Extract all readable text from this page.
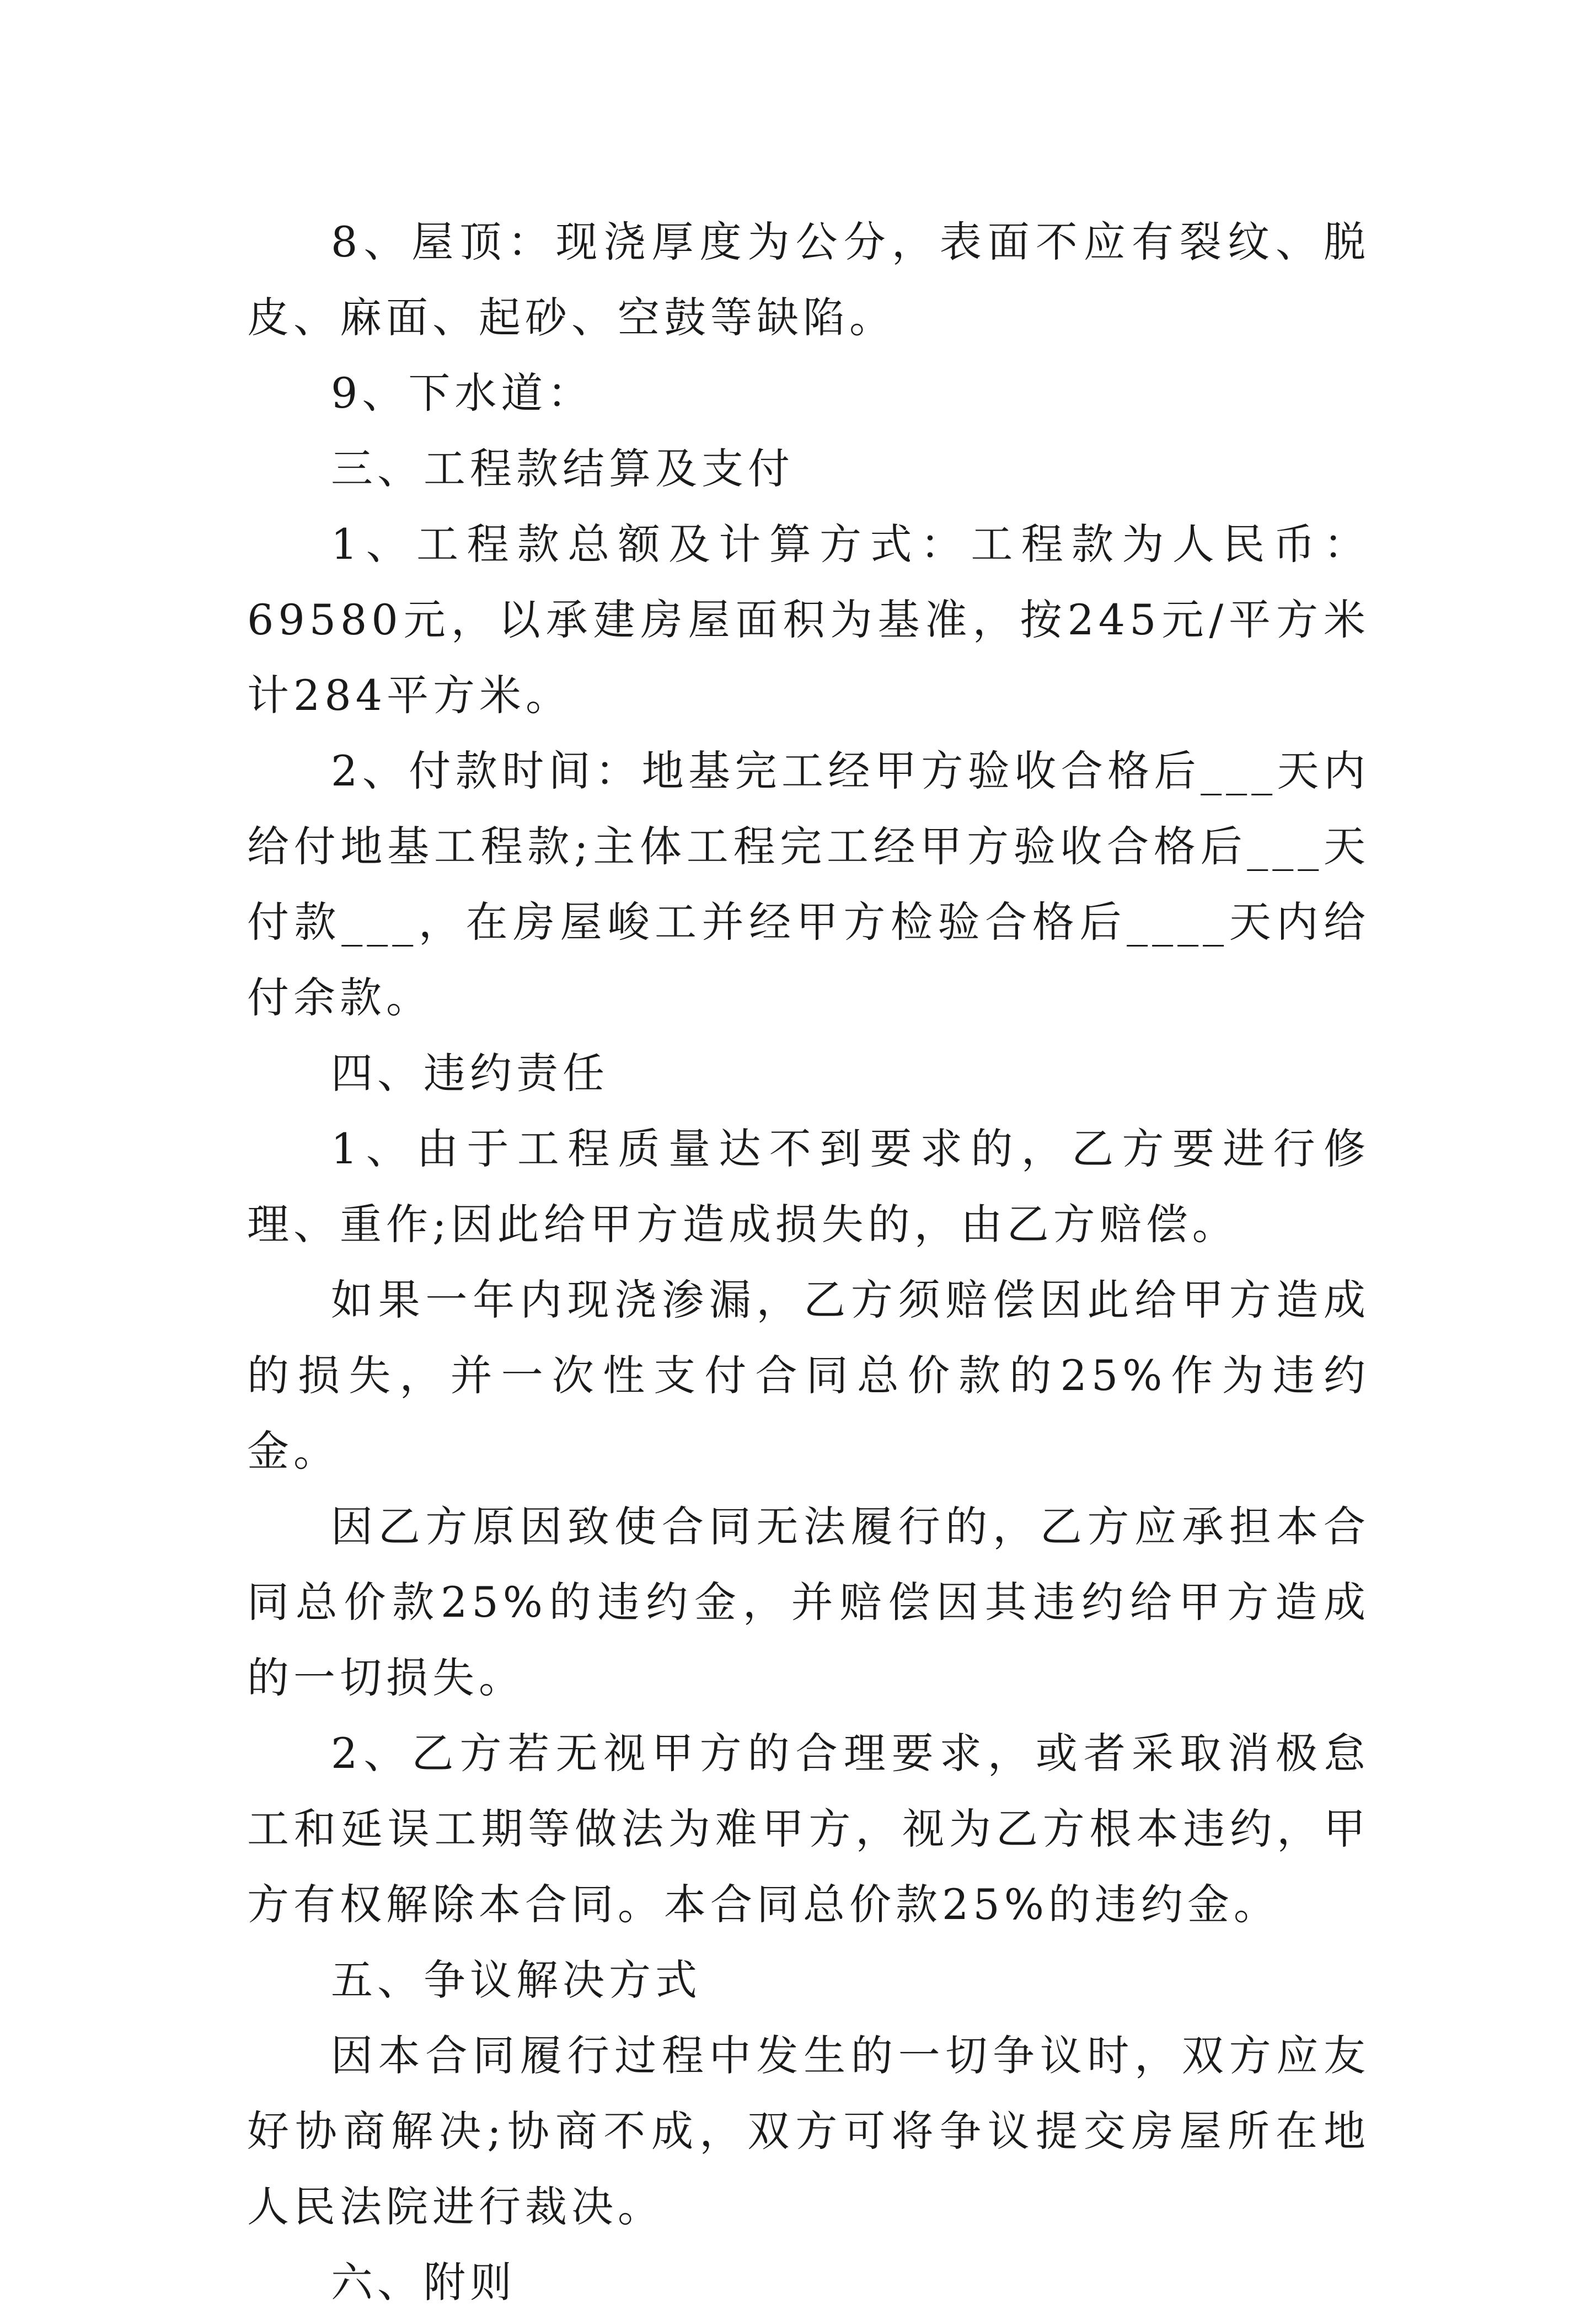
8、屋顶：现浇厚度为公分，表面不应有裂纹、脱皮、麻面、起砂、空鼓等缺陷。

9、下水道：

三、工程款结算及支付

1、工程款总额及计算方式：工程款为人民币：69580元，以承建房屋面积为基准，按245元/平方米计284平方米。

2、付款时间：地基完工经甲方验收合格后___天内给付地基工程款;主体工程完工经甲方验收合格后___天付款___，在房屋峻工并经甲方检验合格后____天内给付余款。

四、违约责任

1、由于工程质量达不到要求的，乙方要进行修理、重作;因此给甲方造成损失的，由乙方赔偿。

如果一年内现浇渗漏，乙方须赔偿因此给甲方造成的损失，并一次性支付合同总价款的25%作为违约金。

因乙方原因致使合同无法履行的，乙方应承担本合同总价款25%的违约金，并赔偿因其违约给甲方造成的一切损失。

2、乙方若无视甲方的合理要求，或者采取消极怠工和延误工期等做法为难甲方，视为乙方根本违约，甲方有权解除本合同。本合同总价款25%的违约金。

五、争议解决方式

因本合同履行过程中发生的一切争议时，双方应友好协商解决;协商不成，双方可将争议提交房屋所在地人民法院进行裁决。

六、附则
